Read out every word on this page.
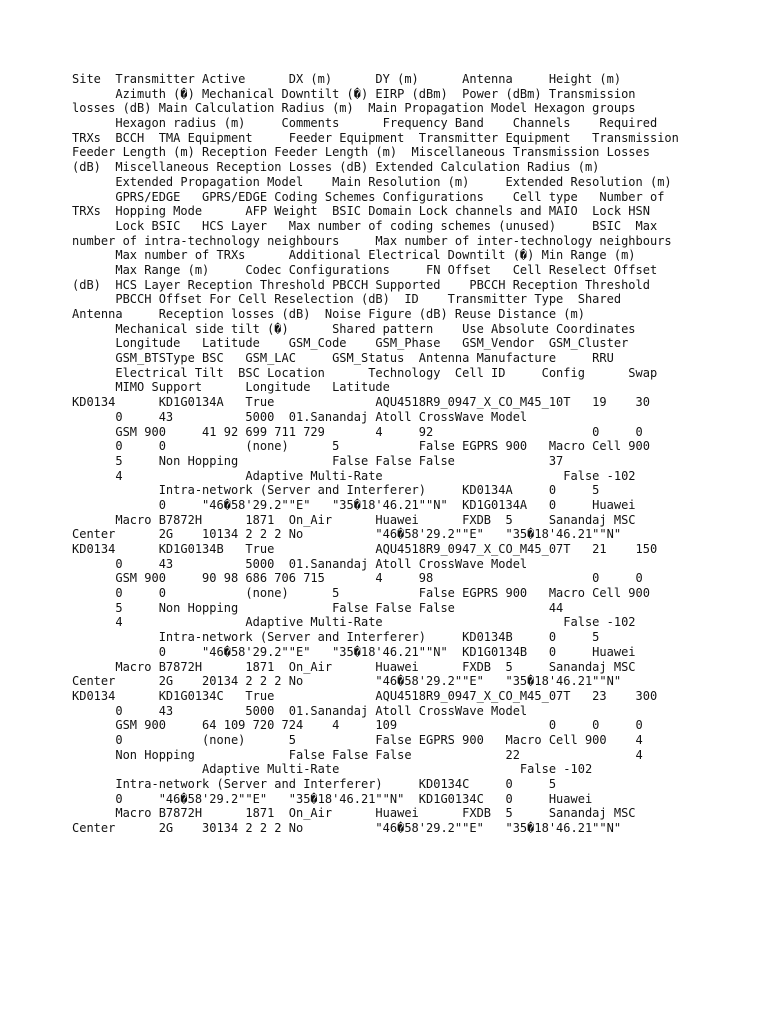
Site  Transmitter Active      DX (m)      DY (m)      Antenna     Height (m)
Azimuth (�) Mechanical Downtilt (�) EIRP (dBm)  Power (dBm) Transmission
losses (dB) Main Calculation Radius (m)  Main Propagation Model Hexagon groups
Hexagon radius (m)     Comments      Frequency Band    Channels    Required
TRXs  BCCH  TMA Equipment     Feeder Equipment  Transmitter Equipment   Transmission
Feeder Length (m) Reception Feeder Length (m)  Miscellaneous Transmission Losses
(dB)  Miscellaneous Reception Losses (dB) Extended Calculation Radius (m)
Extended Propagation Model    Main Resolution (m)     Extended Resolution (m)
GPRS/EDGE   GPRS/EDGE Coding Schemes Configurations    Cell type   Number of
TRXs  Hopping Mode      AFP Weight  BSIC Domain Lock channels and MAIO  Lock HSN
Lock BSIC   HCS Layer   Max number of coding schemes (unused)     BSIC  Max
number of intra-technology neighbours     Max number of inter-technology neighbours
Max number of TRXs      Additional Electrical Downtilt (�) Min Range (m)
Max Range (m)     Codec Configurations     FN Offset   Cell Reselect Offset
(dB)  HCS Layer Reception Threshold PBCCH Supported    PBCCH Reception Threshold
PBCCH Offset For Cell Reselection (dB)  ID    Transmitter Type  Shared
Antenna     Reception losses (dB)  Noise Figure (dB) Reuse Distance (m)
Mechanical side tilt (�)      Shared pattern    Use Absolute Coordinates
Longitude   Latitude    GSM_Code    GSM_Phase   GSM_Vendor  GSM_Cluster
GSM_BTSType BSC   GSM_LAC     GSM_Status  Antenna Manufacture     RRU
Electrical Tilt  BSC Location      Technology  Cell ID     Config      Swap
MIMO Support      Longitude   Latitude
KD0134      KD1G0134A   True              AQU4518R9_0947_X_CO_M45_10T   19    30
0     43          5000  01.Sanandaj Atoll CrossWave Model
GSM 900     41 92 699 711 729       4     92                      0     0
0     0           (none)      5           False EGPRS 900   Macro Cell 900
5     Non Hopping             False False False             37
4                 Adaptive Multi-Rate                         False -102
Intra-network (Server and Interferer)     KD0134A     0     5
0     "46�58'29.2""E"   "35�18'46.21""N"  KD1G0134A   0     Huawei
Macro B7872H      1871  On_Air      Huawei      FXDB  5     Sanandaj MSC
Center      2G    10134 2 2 2 No          "46�58'29.2""E"   "35�18'46.21""N"
KD0134      KD1G0134B   True              AQU4518R9_0947_X_CO_M45_07T   21    150
0     43          5000  01.Sanandaj Atoll CrossWave Model
GSM 900     90 98 686 706 715       4     98                      0     0
0     0           (none)      5           False EGPRS 900   Macro Cell 900
5     Non Hopping             False False False             44
4                 Adaptive Multi-Rate                         False -102
Intra-network (Server and Interferer)     KD0134B     0     5
0     "46�58'29.2""E"   "35�18'46.21""N"  KD1G0134B   0     Huawei
Macro B7872H      1871  On_Air      Huawei      FXDB  5     Sanandaj MSC
Center      2G    20134 2 2 2 No          "46�58'29.2""E"   "35�18'46.21""N"
KD0134      KD1G0134C   True              AQU4518R9_0947_X_CO_M45_07T   23    300
0     43          5000  01.Sanandaj Atoll CrossWave Model
GSM 900     64 109 720 724    4     109                     0     0     0
0           (none)      5           False EGPRS 900   Macro Cell 900    4
Non Hopping             False False False             22                4
Adaptive Multi-Rate                         False -102
Intra-network (Server and Interferer)     KD0134C     0     5
0     "46�58'29.2""E"   "35�18'46.21""N"  KD1G0134C   0     Huawei
Macro B7872H      1871  On_Air      Huawei      FXDB  5     Sanandaj MSC
Center      2G    30134 2 2 2 No          "46�58'29.2""E"   "35�18'46.21""N"
